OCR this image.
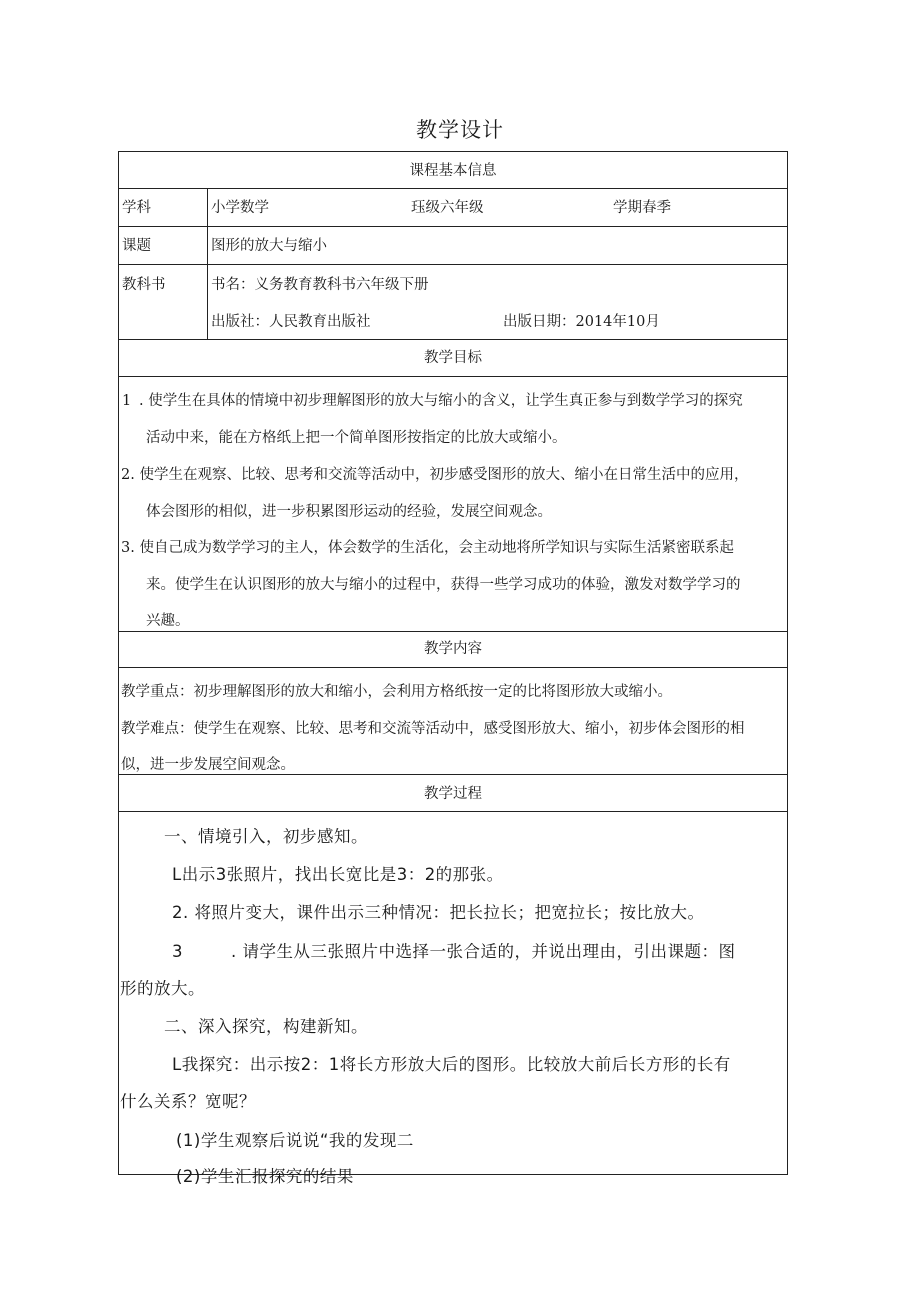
教学设计
课程基本信息
学科	小学数学	珏级六年级	学期春季
课题	图形的放大与缩小
教科书	书名：义务教育教科书六年级下册
出版社：人民教育出版社	出版日期：2014年10月
教学目标
1 . 使学生在具体的情境中初步理解图形的放大与缩小的含义，让学生真正参与到数学学习的探究
活动中来，能在方格纸上把一个简单图形按指定的比放大或缩小。
2. 使学生在观察、比较、思考和交流等活动中，初步感受图形的放大、缩小在日常生活中的应用，
体会图形的相似，进一步积累图形运动的经验，发展空间观念。
3. 使自己成为数学学习的主人，体会数学的生活化，会主动地将所学知识与实际生活紧密联系起
来。使学生在认识图形的放大与缩小的过程中，获得一些学习成功的体验，激发对数学学习的
兴趣。
教学内容
教学重点：初步理解图形的放大和缩小，会利用方格纸按一定的比将图形放大或缩小。
教学难点：使学生在观察、比较、思考和交流等活动中，感受图形放大、缩小，初步体会图形的相
似，进一步发展空间观念。
教学过程
一、情境引入，初步感知。
L出示3张照片，找出长宽比是3：2的那张。
2. 将照片变大，课件出示三种情况：把长拉长；把宽拉长；按比放大。
3	. 请学生从三张照片中选择一张合适的，并说出理由，引出课题：图
形的放大。
二、深入探究，构建新知。
L我探究：出示按2：1将长方形放大后的图形。比较放大前后长方形的长有
什么关系？宽呢？
(1)学生观察后说说“我的发现二
(2)学生汇报探究的结果
